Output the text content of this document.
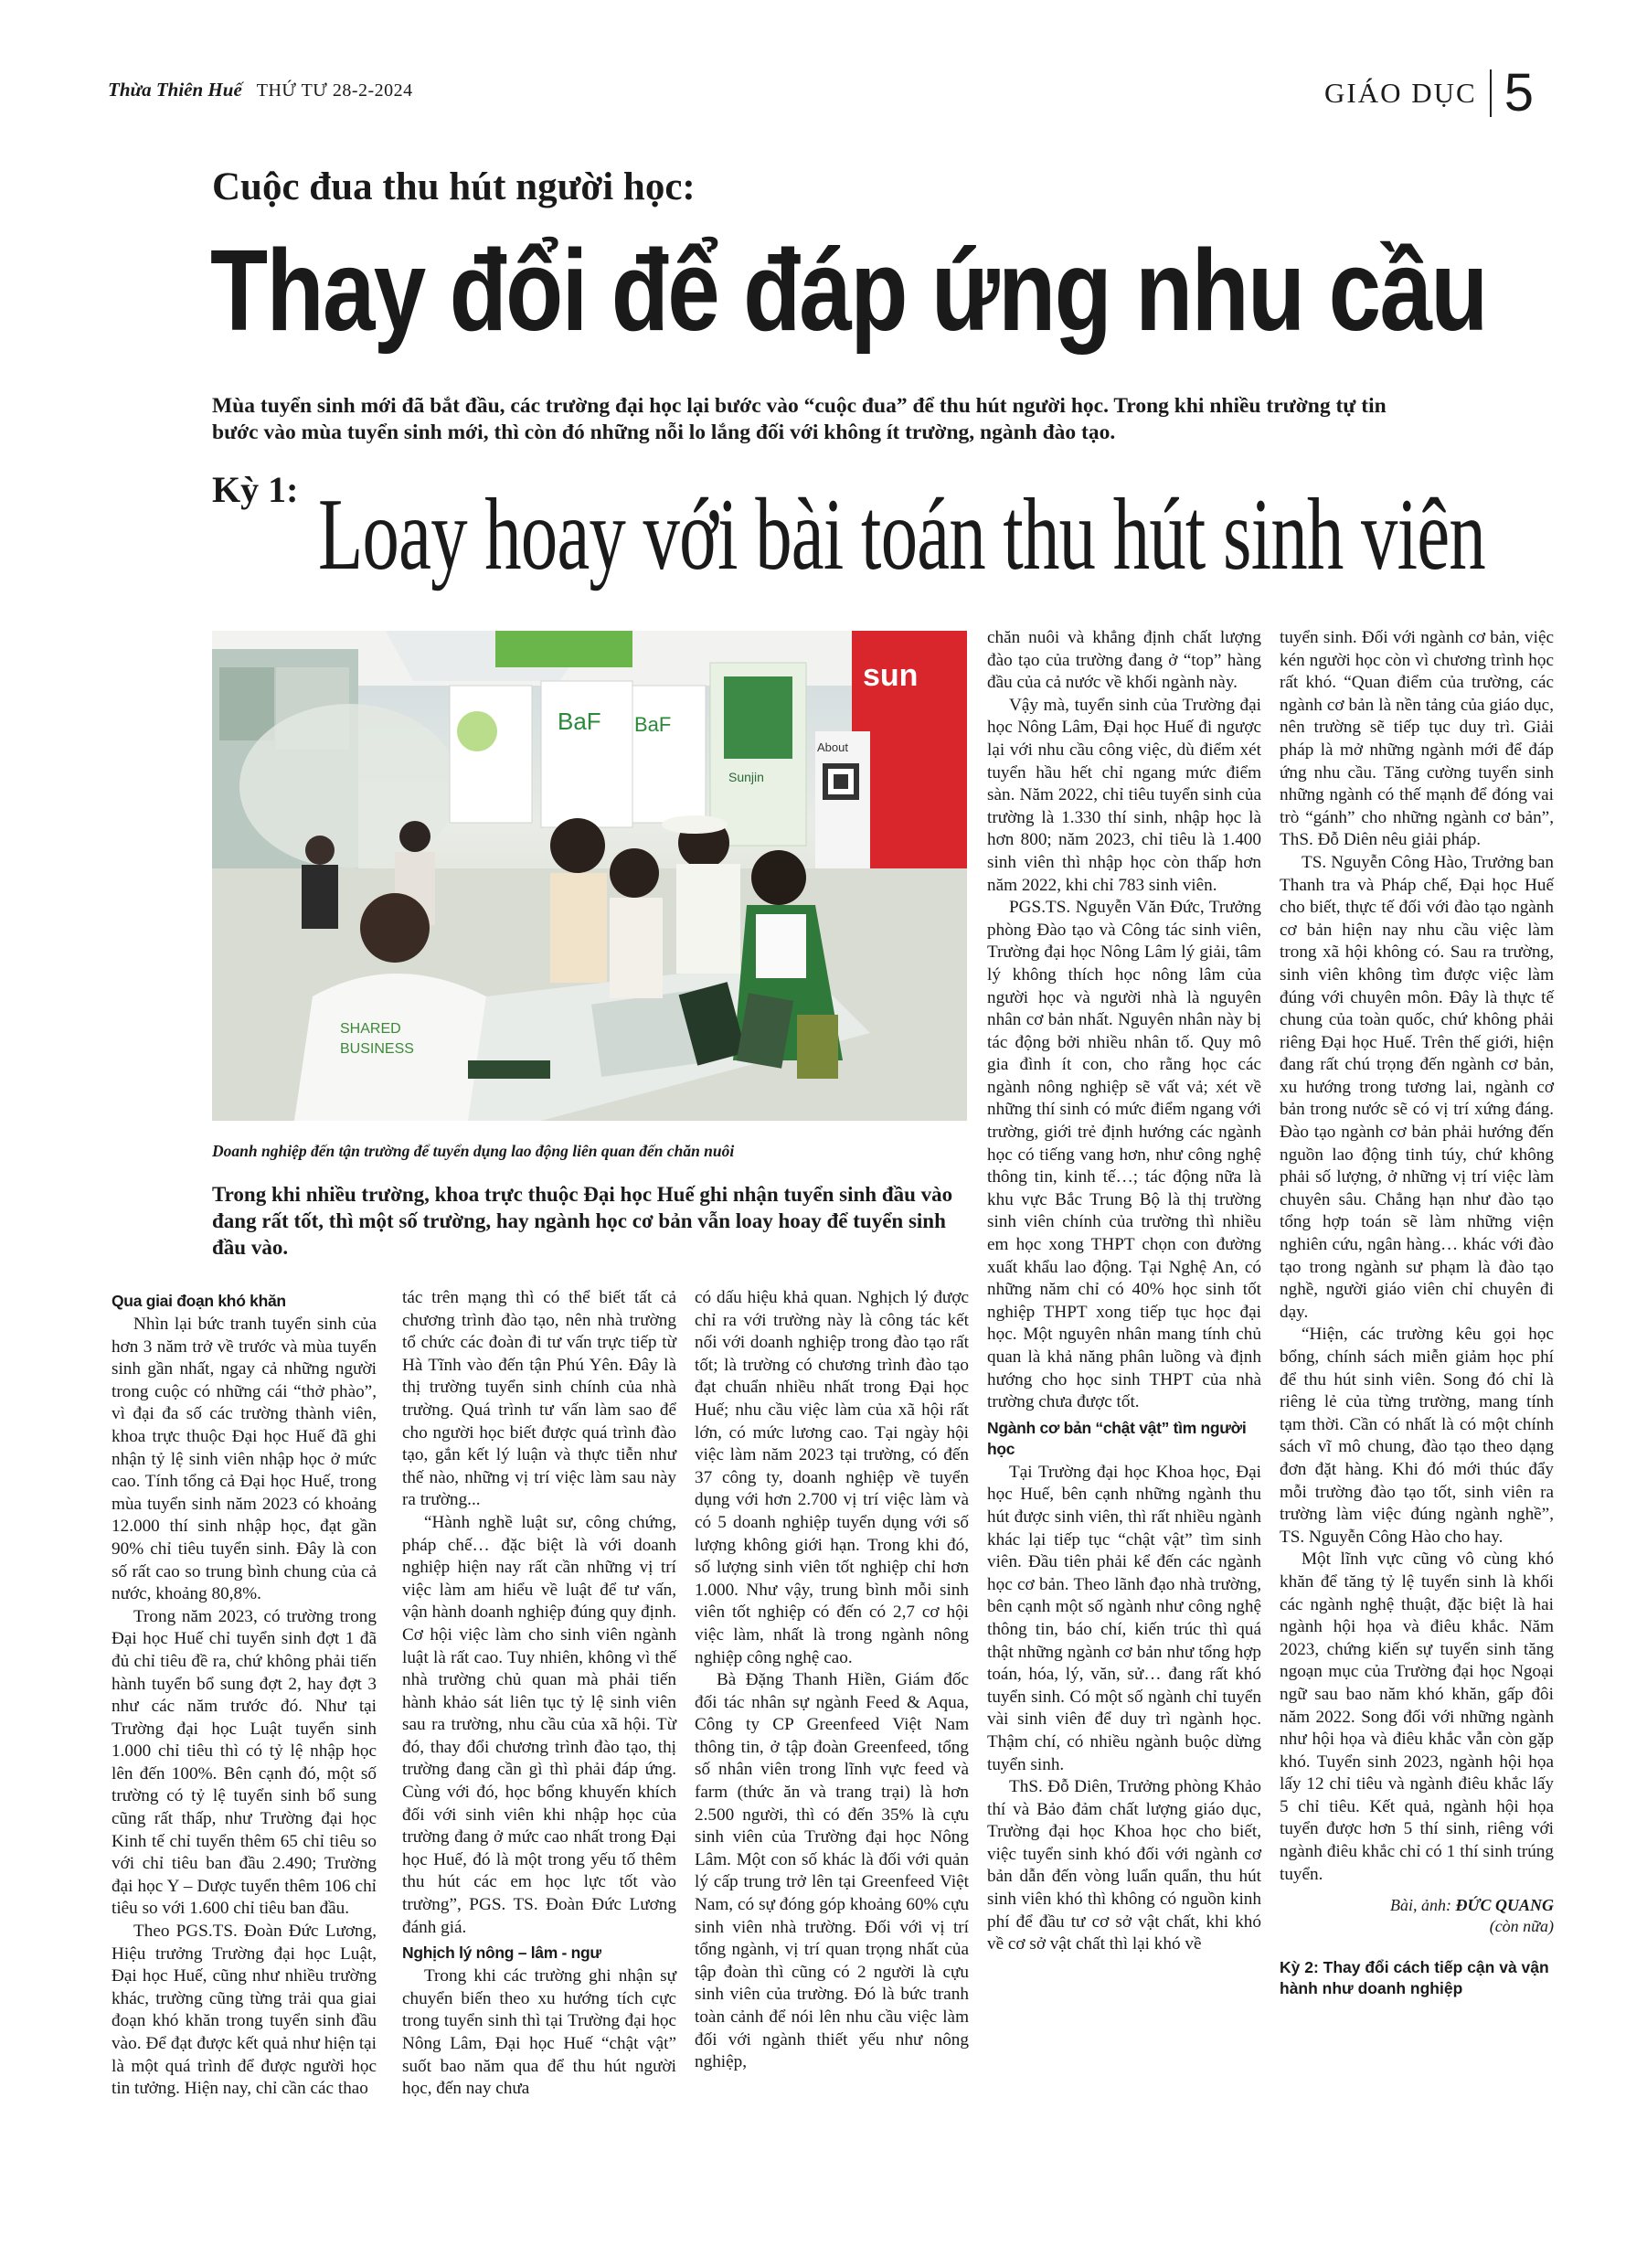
Thừa Thiên Huế THỨ TƯ 28-2-2024	GIÁO DỤC 5
Cuộc đua thu hút người học:
Thay đổi để đáp ứng nhu cầu
Mùa tuyển sinh mới đã bắt đầu, các trường đại học lại bước vào “cuộc đua” để thu hút người học. Trong khi nhiều trường tự tin bước vào mùa tuyển sinh mới, thì còn đó những nỗi lo lắng đối với không ít trường, ngành đào tạo.
Kỳ 1: Loay hoay với bài toán thu hút sinh viên
BaF BaF
Sunjin
sun
About
SHARED
BUSINESS
Doanh nghiệp đến tận trường để tuyển dụng lao động liên quan đến chăn nuôi
Trong khi nhiều trường, khoa trực thuộc Đại học Huế ghi nhận tuyển sinh đầu vào đang rất tốt, thì một số trường, hay ngành học cơ bản vẫn loay hoay để tuyển sinh đầu vào.
Qua giai đoạn khó khăn

Nhìn lại bức tranh tuyển sinh của hơn 3 năm trở về trước và mùa tuyển sinh gần nhất, ngay cả những người trong cuộc có những cái “thở phào”, vì đại đa số các trường thành viên, khoa trực thuộc Đại học Huế đã ghi nhận tỷ lệ sinh viên nhập học ở mức cao. Tính tổng cả Đại học Huế, trong mùa tuyển sinh năm 2023 có khoảng 12.000 thí sinh nhập học, đạt gần 90% chỉ tiêu tuyển sinh. Đây là con số rất cao so trung bình chung của cả nước, khoảng 80,8%.

Trong năm 2023, có trường trong Đại học Huế chỉ tuyển sinh đợt 1 đã đủ chỉ tiêu đề ra, chứ không phải tiến hành tuyển bổ sung đợt 2, hay đợt 3 như các năm trước đó. Như tại Trường đại học Luật tuyển sinh 1.000 chỉ tiêu thì có tỷ lệ nhập học lên đến 100%. Bên cạnh đó, một số trường có tỷ lệ tuyển sinh bổ sung cũng rất thấp, như Trường đại học Kinh tế chỉ tuyển thêm 65 chỉ tiêu so với chỉ tiêu ban đầu 2.490; Trường đại học Y – Dược tuyển thêm 106 chỉ tiêu so với 1.600 chỉ tiêu ban đầu.

Theo PGS.TS. Đoàn Đức Lương, Hiệu trưởng Trường đại học Luật, Đại học Huế, cũng như nhiều trường khác, trường cũng từng trải qua giai đoạn khó khăn trong tuyển sinh đầu vào. Để đạt được kết quả như hiện tại là một quá trình để được người học tin tưởng. Hiện nay, chỉ cần các thao

tác trên mạng thì có thể biết tất cả chương trình đào tạo, nên nhà trường tổ chức các đoàn đi tư vấn trực tiếp từ Hà Tĩnh vào đến tận Phú Yên. Đây là thị trường tuyển sinh chính của nhà trường. Quá trình tư vấn làm sao để cho người học biết được quá trình đào tạo, gắn kết lý luận và thực tiễn như thế nào, những vị trí việc làm sau này ra trường...

“Hành nghề luật sư, công chứng, pháp chế… đặc biệt là với doanh nghiệp hiện nay rất cần những vị trí việc làm am hiểu về luật để tư vấn, vận hành doanh nghiệp đúng quy định. Cơ hội việc làm cho sinh viên ngành luật là rất cao. Tuy nhiên, không vì thế nhà trường chủ quan mà phải tiến hành khảo sát liên tục tỷ lệ sinh viên sau ra trường, nhu cầu của xã hội. Từ đó, thay đổi chương trình đào tạo, thị trường đang cần gì thì phải đáp ứng. Cùng với đó, học bổng khuyến khích đối với sinh viên khi nhập học của trường đang ở mức cao nhất trong Đại học Huế, đó là một trong yếu tố thêm thu hút các em học lực tốt vào trường”, PGS. TS. Đoàn Đức Lương đánh giá.

Nghịch lý nông – lâm - ngư

Trong khi các trường ghi nhận sự chuyển biến theo xu hướng tích cực trong tuyển sinh thì tại Trường đại học Nông Lâm, Đại học Huế “chật vật” suốt bao năm qua để thu hút người học, đến nay chưa

có dấu hiệu khả quan. Nghịch lý được chỉ ra với trường này là công tác kết nối với doanh nghiệp trong đào tạo rất tốt; là trường có chương trình đào tạo đạt chuẩn nhiều nhất trong Đại học Huế; nhu cầu việc làm của xã hội rất lớn, có mức lương cao. Tại ngày hội việc làm năm 2023 tại trường, có đến 37 công ty, doanh nghiệp về tuyển dụng với hơn 2.700 vị trí việc làm và có 5 doanh nghiệp tuyển dụng với số lượng không giới hạn. Trong khi đó, số lượng sinh viên tốt nghiệp chỉ hơn 1.000. Như vậy, trung bình mỗi sinh viên tốt nghiệp có đến có 2,7 cơ hội việc làm, nhất là trong ngành nông nghiệp công nghệ cao.

Bà Đặng Thanh Hiền, Giám đốc đối tác nhân sự ngành Feed & Aqua, Công ty CP Greenfeed Việt Nam thông tin, ở tập đoàn Greenfeed, tổng số nhân viên trong lĩnh vực feed và farm (thức ăn và trang trại) là hơn 2.500 người, thì có đến 35% là cựu sinh viên của Trường đại học Nông Lâm. Một con số khác là đối với quản lý cấp trung trở lên tại Greenfeed Việt Nam, có sự đóng góp khoảng 60% cựu sinh viên nhà trường. Đối với vị trí tổng ngành, vị trí quan trọng nhất của tập đoàn thì cũng có 2 người là cựu sinh viên của trường. Đó là bức tranh toàn cảnh để nói lên nhu cầu việc làm đối với ngành thiết yếu như nông nghiệp,

chăn nuôi và khẳng định chất lượng đào tạo của trường đang ở “top” hàng đầu của cả nước về khối ngành này.

Vậy mà, tuyển sinh của Trường đại học Nông Lâm, Đại học Huế đi ngược lại với nhu cầu công việc, dù điểm xét tuyển hầu hết chỉ ngang mức điểm sàn. Năm 2022, chỉ tiêu tuyển sinh của trường là 1.330 thí sinh, nhập học là hơn 800; năm 2023, chỉ tiêu là 1.400 sinh viên thì nhập học còn thấp hơn năm 2022, khi chỉ 783 sinh viên.

PGS.TS. Nguyễn Văn Đức, Trưởng phòng Đào tạo và Công tác sinh viên, Trường đại học Nông Lâm lý giải, tâm lý không thích học nông lâm của người học và người nhà là nguyên nhân cơ bản nhất. Nguyên nhân này bị tác động bởi nhiều nhân tố. Quy mô gia đình ít con, cho rằng học các ngành nông nghiệp sẽ vất vả; xét về những thí sinh có mức điểm ngang với trường, giới trẻ định hướng các ngành học có tiếng vang hơn, như công nghệ thông tin, kinh tế…; tác động nữa là khu vực Bắc Trung Bộ là thị trường sinh viên chính của trường thì nhiều em học xong THPT chọn con đường xuất khẩu lao động. Tại Nghệ An, có những năm chỉ có 40% học sinh tốt nghiệp THPT xong tiếp tục học đại học. Một nguyên nhân mang tính chủ quan là khả năng phân luồng và định hướng cho học sinh THPT của nhà trường chưa được tốt.

Ngành cơ bản “chật vật” tìm người học

Tại Trường đại học Khoa học, Đại học Huế, bên cạnh những ngành thu hút được sinh viên, thì rất nhiều ngành khác lại tiếp tục “chật vật” tìm sinh viên. Đầu tiên phải kể đến các ngành học cơ bản. Theo lãnh đạo nhà trường, bên cạnh một số ngành như công nghệ thông tin, báo chí, kiến trúc thì quá thật những ngành cơ bản như tổng hợp toán, hóa, lý, văn, sử… đang rất khó tuyển sinh. Có một số ngành chỉ tuyển vài sinh viên để duy trì ngành học. Thậm chí, có nhiều ngành buộc dừng tuyển sinh.

ThS. Đỗ Diên, Trưởng phòng Khảo thí và Bảo đảm chất lượng giáo dục, Trường đại học Khoa học cho biết, việc tuyển sinh khó đối với ngành cơ bản dẫn đến vòng luẩn quẩn, thu hút sinh viên khó thì không có nguồn kinh phí để đầu tư cơ sở vật chất, khi khó về cơ sở vật chất thì lại khó về

tuyển sinh. Đối với ngành cơ bản, việc kén người học còn vì chương trình học rất khó. “Quan điểm của trường, các ngành cơ bản là nền tảng của giáo dục, nên trường sẽ tiếp tục duy trì. Giải pháp là mở những ngành mới để đáp ứng nhu cầu. Tăng cường tuyển sinh những ngành có thế mạnh để đóng vai trò “gánh” cho những ngành cơ bản”, ThS. Đỗ Diên nêu giải pháp.

TS. Nguyễn Công Hào, Trưởng ban Thanh tra và Pháp chế, Đại học Huế cho biết, thực tế đối với đào tạo ngành cơ bản hiện nay nhu cầu việc làm trong xã hội không có. Sau ra trường, sinh viên không tìm được việc làm đúng với chuyên môn. Đây là thực tế chung của toàn quốc, chứ không phải riêng Đại học Huế. Trên thế giới, hiện đang rất chú trọng đến ngành cơ bản, xu hướng trong tương lai, ngành cơ bản trong nước sẽ có vị trí xứng đáng. Đào tạo ngành cơ bản phải hướng đến nguồn lao động tinh túy, chứ không phải số lượng, ở những vị trí việc làm chuyên sâu. Chẳng hạn như đào tạo tổng hợp toán sẽ làm những viện nghiên cứu, ngân hàng… khác với đào tạo trong ngành sư phạm là đào tạo nghề, người giáo viên chỉ chuyên đi dạy.

“Hiện, các trường kêu gọi học bổng, chính sách miễn giảm học phí để thu hút sinh viên. Song đó chỉ là riêng lẻ của từng trường, mang tính tạm thời. Cần có nhất là có một chính sách vĩ mô chung, đào tạo theo dạng đơn đặt hàng. Khi đó mới thúc đẩy mỗi trường đào tạo tốt, sinh viên ra trường làm việc đúng ngành nghề”, TS. Nguyễn Công Hào cho hay.

Một lĩnh vực cũng vô cùng khó khăn để tăng tỷ lệ tuyển sinh là khối các ngành nghệ thuật, đặc biệt là hai ngành hội họa và điêu khắc. Năm 2023, chứng kiến sự tuyển sinh tăng ngoạn mục của Trường đại học Ngoại ngữ sau bao năm khó khăn, gấp đôi năm 2022. Song đối với những ngành như hội họa và điêu khắc vẫn còn gặp khó. Tuyển sinh 2023, ngành hội họa lấy 12 chỉ tiêu và ngành điêu khắc lấy 5 chỉ tiêu. Kết quả, ngành hội họa tuyển được hơn 5 thí sinh, riêng với ngành điêu khắc chỉ có 1 thí sinh trúng tuyển.

Bài, ảnh: ĐỨC QUANG
(còn nữa)
Kỳ 2: Thay đổi cách tiếp cận và vận hành như doanh nghiệp
